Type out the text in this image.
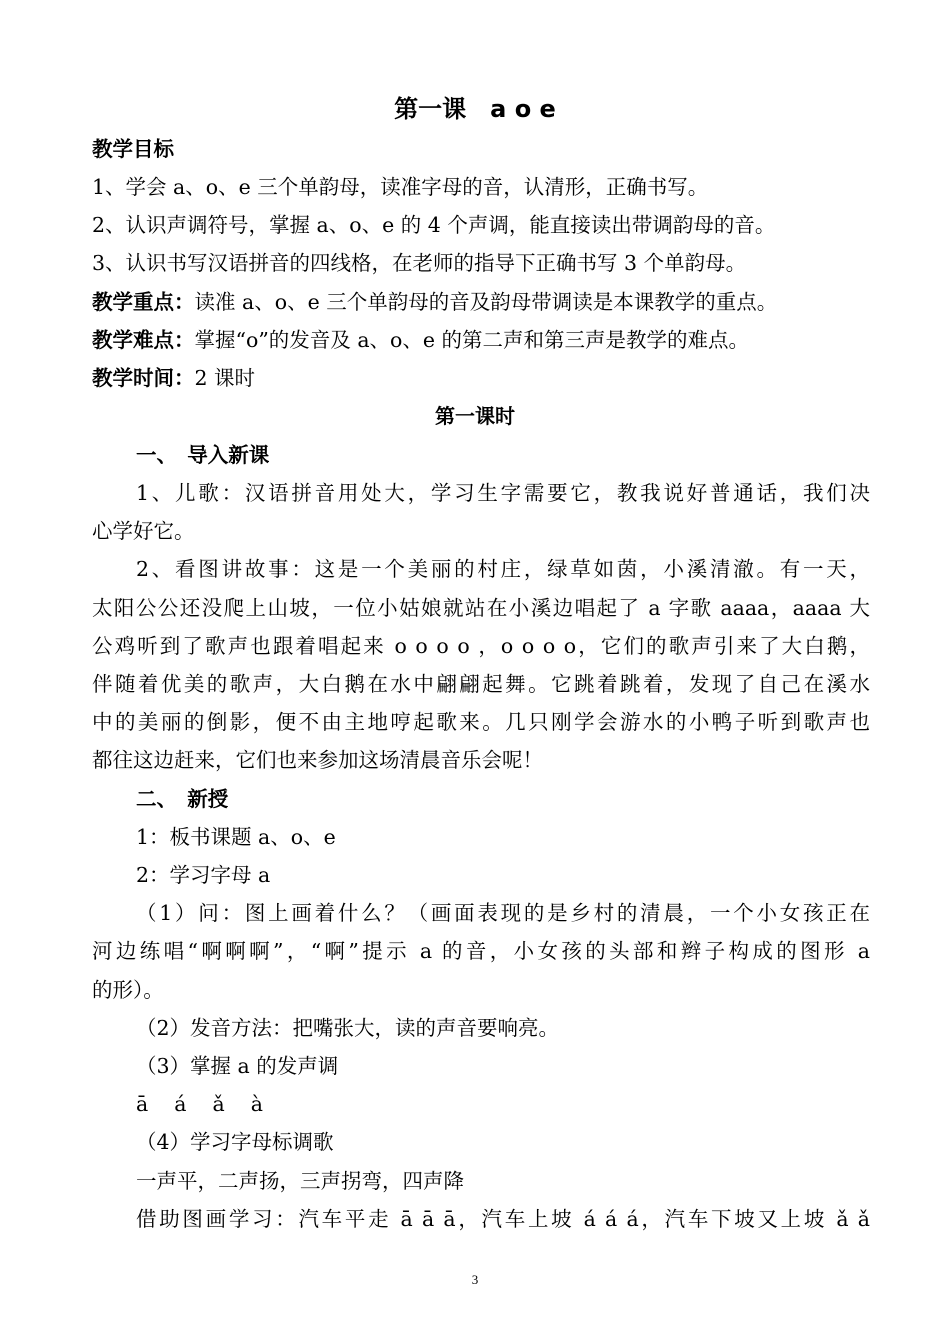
第一课　a o e
教学目标
1、学会 a、o、e 三个单韵母，读准字母的音，认清形，正确书写。
2、认识声调符号，掌握 a、o、e 的 4 个声调，能直接读出带调韵母的音。
3、认识书写汉语拼音的四线格，在老师的指导下正确书写 3 个单韵母。
教学重点：读准 a、o、e 三个单韵母的音及韵母带调读是本课教学的重点。
教学难点：掌握“o”的发音及 a、o、e 的第二声和第三声是教学的难点。
教学时间：2 课时
第一课时
一、　导入新课
1、儿歌：汉语拼音用处大，学习生字需要它，教我说好普通话，我们决
心学好它。
2、看图讲故事：这是一个美丽的村庄，绿草如茵，小溪清澈。有一天，
太阳公公还没爬上山坡，一位小姑娘就站在小溪边唱起了 a 字歌 aaaa，aaaa 大
公鸡听到了歌声也跟着唱起来 o o o o ，o o o o，它们的歌声引来了大白鹅，
伴随着优美的歌声，大白鹅在水中翩翩起舞。它跳着跳着，发现了自己在溪水
中的美丽的倒影，便不由主地哼起歌来。几只刚学会游水的小鸭子听到歌声也
都往这边赶来，它们也来参加这场清晨音乐会呢！
二、　新授
1：板书课题 a、o、e
2：学习字母 a
（1）问：图上画着什么？（画面表现的是乡村的清晨，一个小女孩正在
河边练唱“啊啊啊”，“啊”提示 a 的音，小女孩的头部和辫子构成的图形 a
的形）。
（2）发音方法：把嘴张大，读的声音要响亮。
（3）掌握 a 的发声调
ā á ǎ à
（4）学习字母标调歌
一声平，二声扬，三声拐弯，四声降
借助图画学习：汽车平走 ā ā ā，汽车上坡 á á á，汽车下坡又上坡 ǎ ǎ
3
